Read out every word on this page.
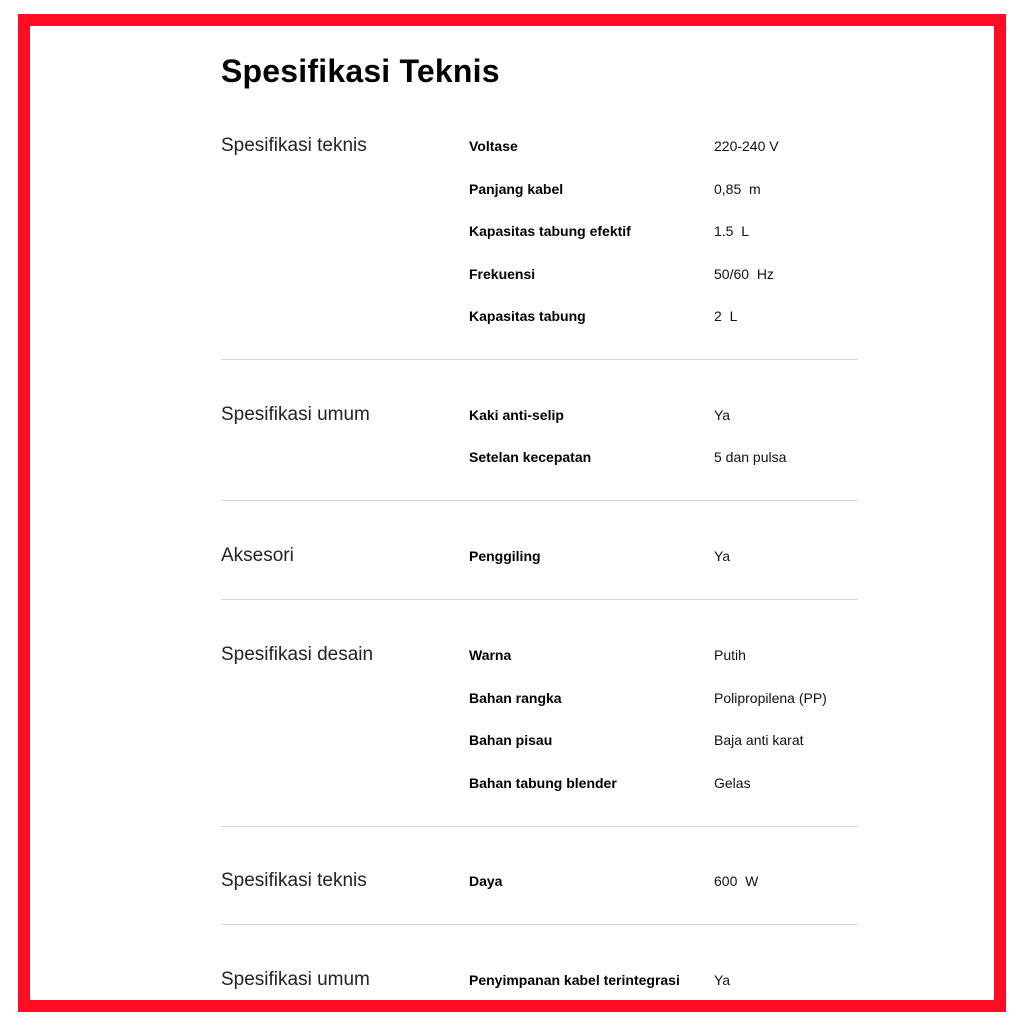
Spesifikasi Teknis
Spesifikasi teknis	Voltase	220-240 V
Panjang kabel	0,85  m
Kapasitas tabung efektif	1.5  L
Frekuensi	50/60  Hz
Kapasitas tabung	2  L
Spesifikasi umum	Kaki anti-selip	Ya
Setelan kecepatan	5 dan pulsa
Aksesori	Penggiling	Ya
Spesifikasi desain	Warna	Putih
Bahan rangka	Polipropilena (PP)
Bahan pisau	Baja anti karat
Bahan tabung blender	Gelas
Spesifikasi teknis	Daya	600  W
Spesifikasi umum	Penyimpanan kabel terintegrasi Ya
